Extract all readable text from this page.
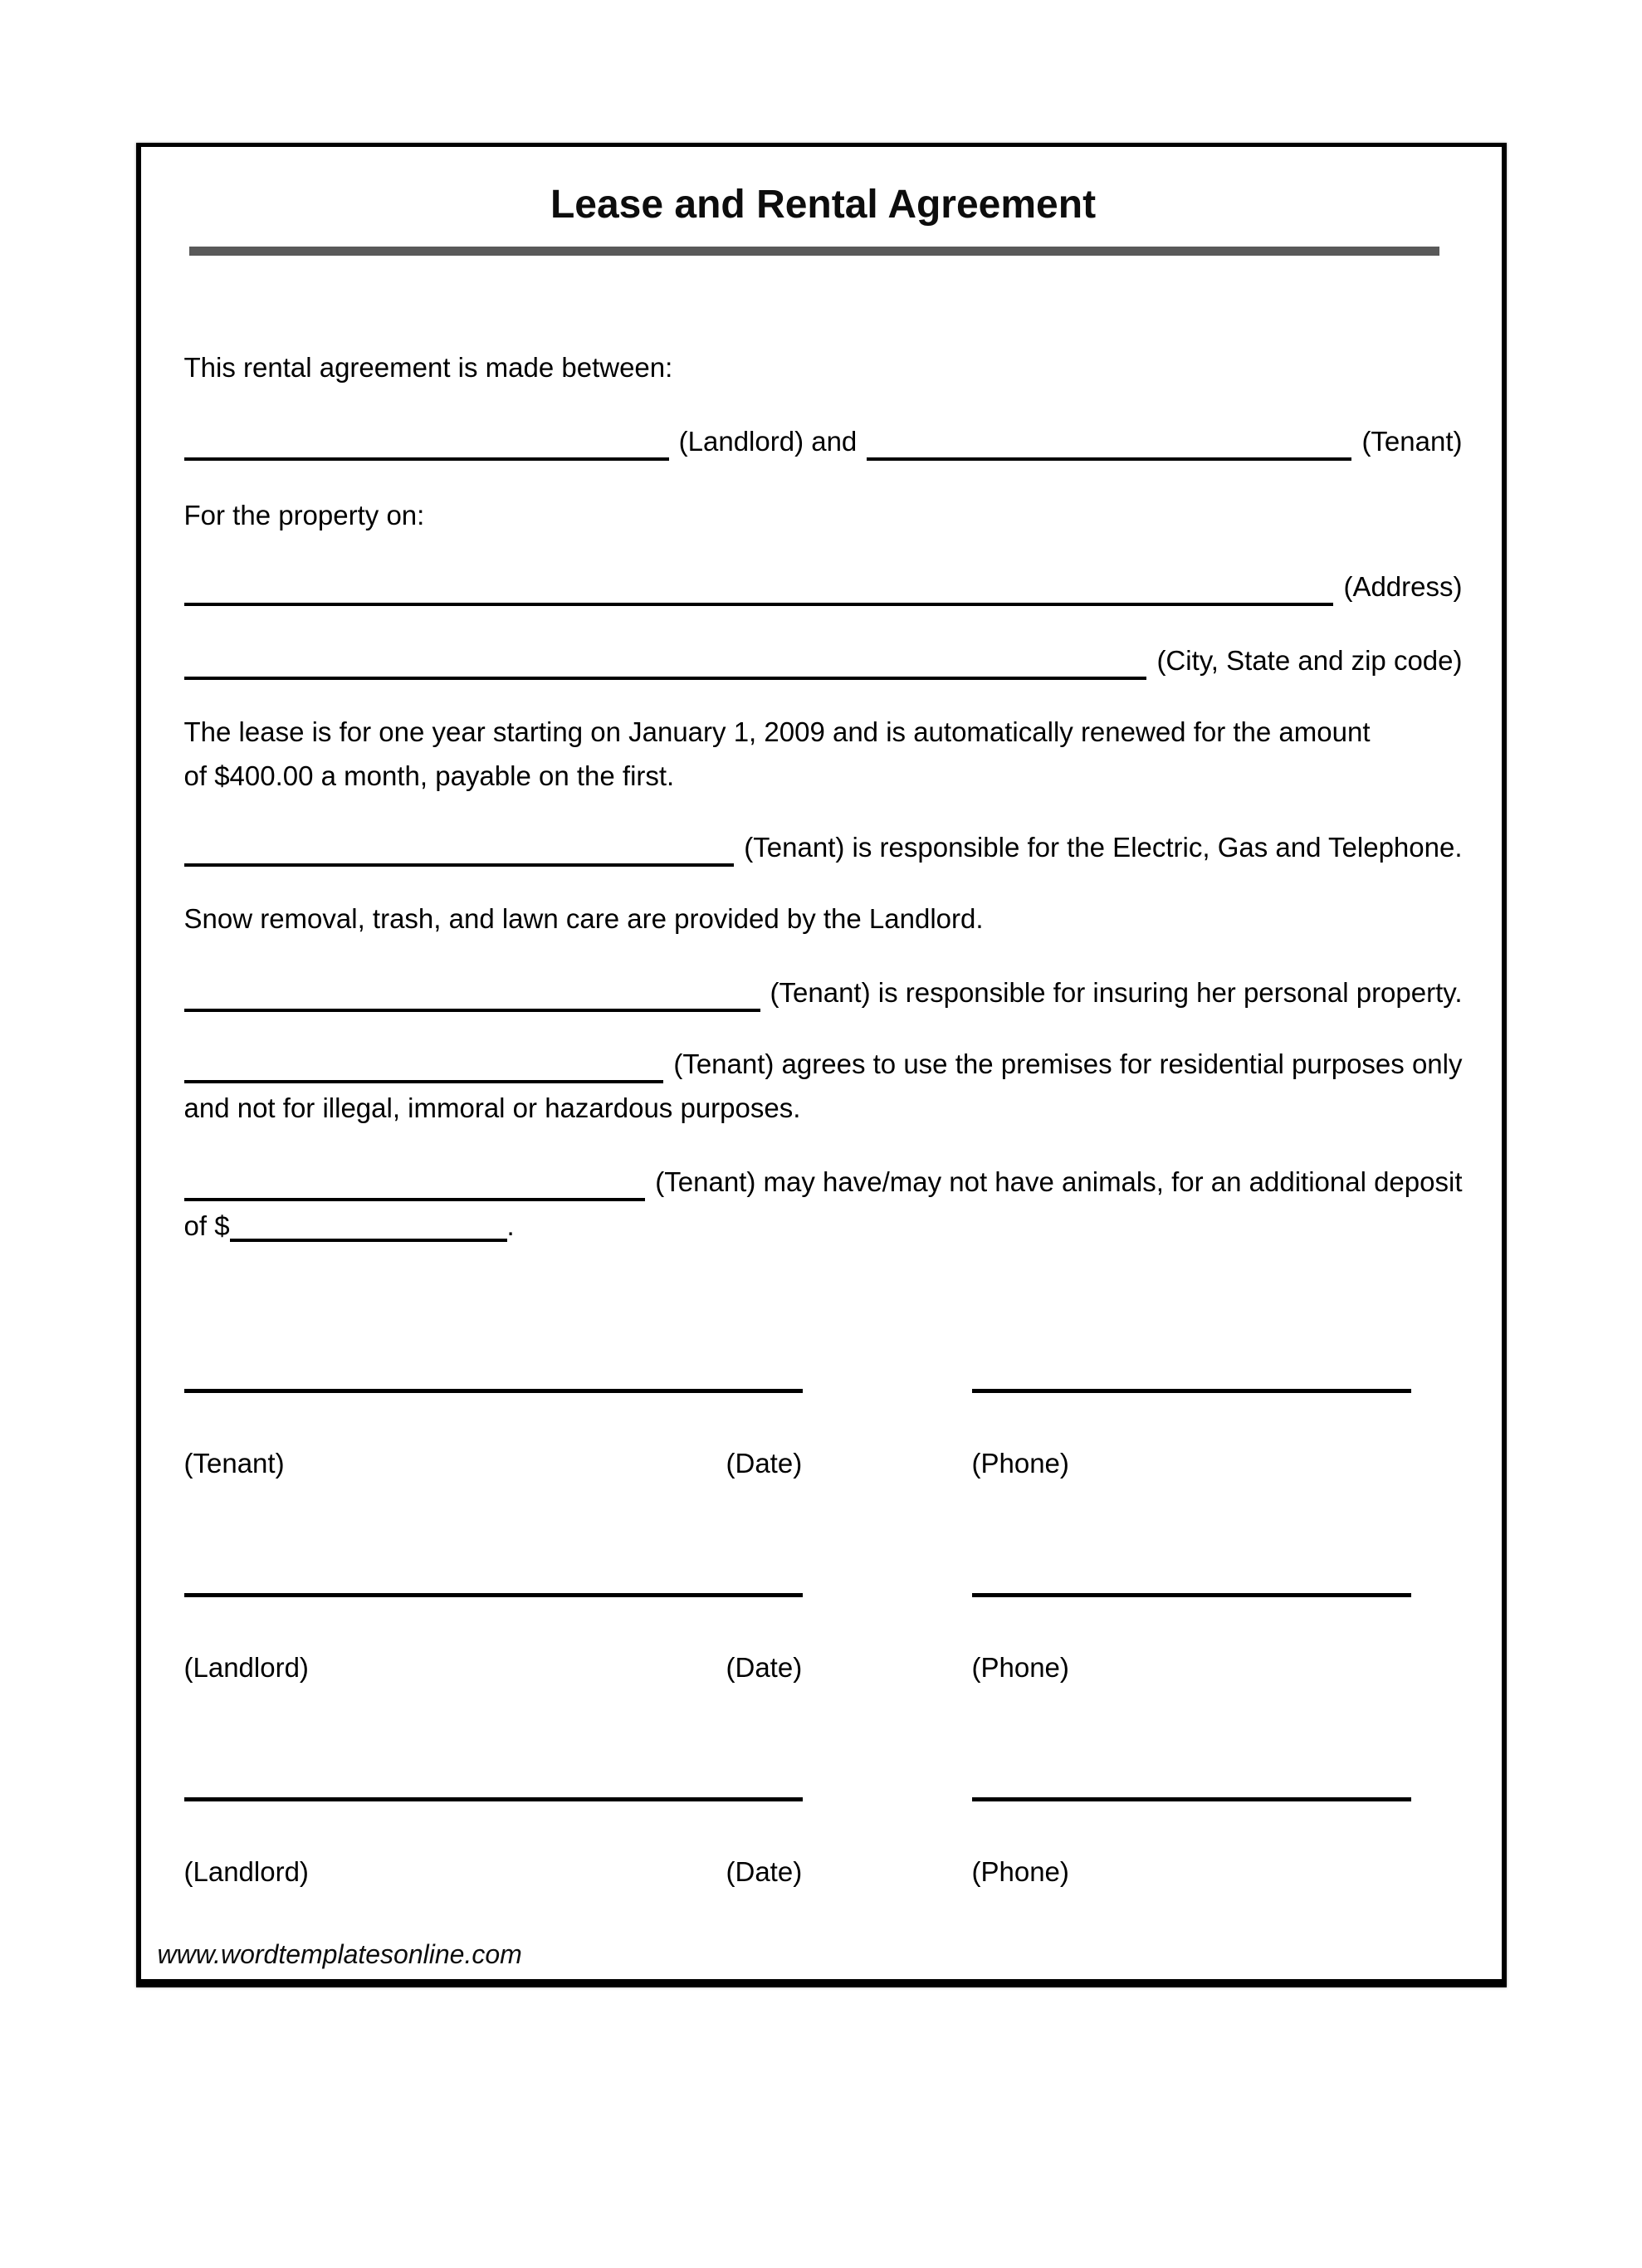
Lease and Rental Agreement

This rental agreement is made between:

(Landlord) and	(Tenant)

For the property on:

(Address)
(City, State and zip code)

The lease is for one year starting on January 1, 2009 and is automatically renewed for the amount

of $400.00 a month, payable on the first.

(Tenant) is responsible for the Electric, Gas and Telephone.

Snow removal, trash, and lawn care are provided by the Landlord.

(Tenant) is responsible for insuring her personal property.
(Tenant) agrees to use the premises for residential purposes only

and not for illegal, immoral or hazardous purposes.

(Tenant) may have/may not have animals, for an additional deposit

of $	.

(Tenant)	(Date)	(Phone)
(Landlord)	(Date)	(Phone)
(Landlord)	(Date)	(Phone)
www.wordtemplatesonline.com
